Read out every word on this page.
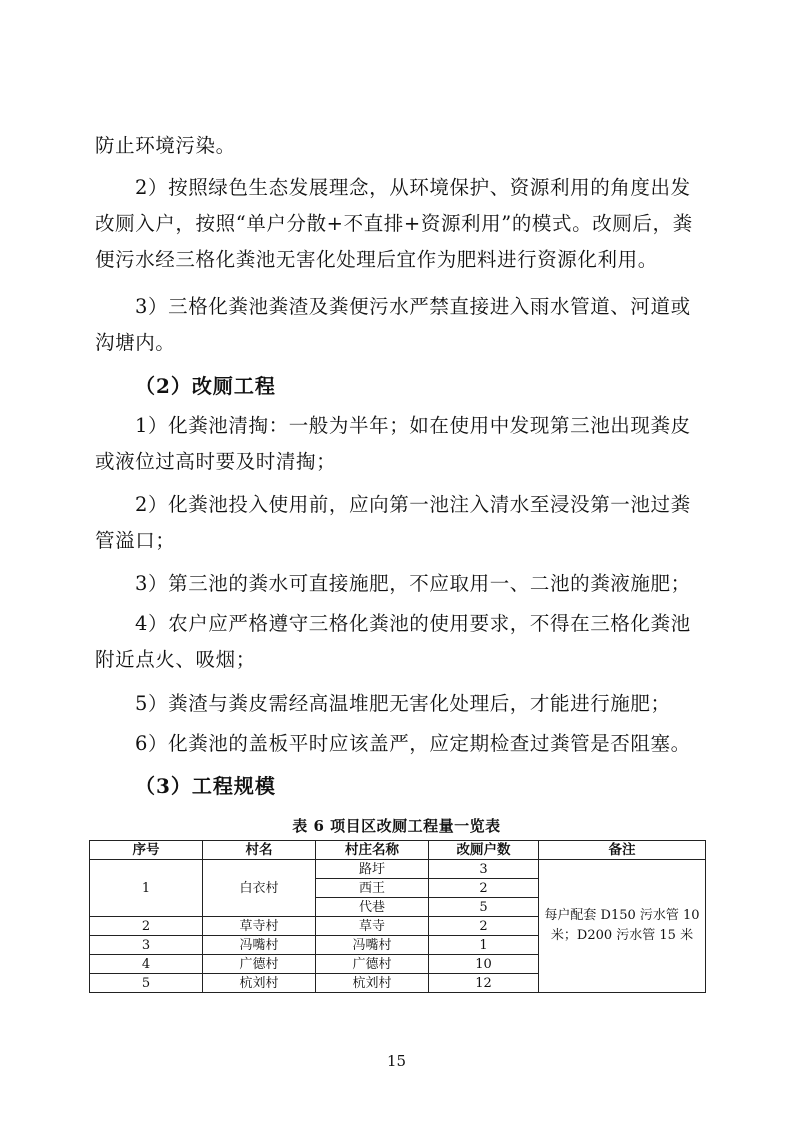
防止环境污染。

2）按照绿色生态发展理念，从环境保护、资源利用的角度出发改厕入户，按照“单户分散+不直排+资源利用”的模式。改厕后，粪便污水经三格化粪池无害化处理后宜作为肥料进行资源化利用。

3）三格化粪池粪渣及粪便污水严禁直接进入雨水管道、河道或沟塘内。

（2）改厕工程

1）化粪池清掏：一般为半年；如在使用中发现第三池出现粪皮或液位过高时要及时清掏；

2）化粪池投入使用前，应向第一池注入清水至浸没第一池过粪管溢口；

3）第三池的粪水可直接施肥，不应取用一、二池的粪液施肥；

4）农户应严格遵守三格化粪池的使用要求，不得在三格化粪池附近点火、吸烟；

5）粪渣与粪皮需经高温堆肥无害化处理后，才能进行施肥；

6）化粪池的盖板平时应该盖严，应定期检查过粪管是否阻塞。

（3）工程规模

表 6 项目区改厕工程量一览表
序号	村名	村庄名称	改厕户数	备注
1	白衣村	路圩	3	每户配套 D150 污水管 10 米；D200 污水管 15 米
		西王	2	
		代巷	5	
2	草寺村	草寺	2	
3	冯嘴村	冯嘴村	1	
4	广德村	广德村	10	
5	杭刘村	杭刘村	12	
15
